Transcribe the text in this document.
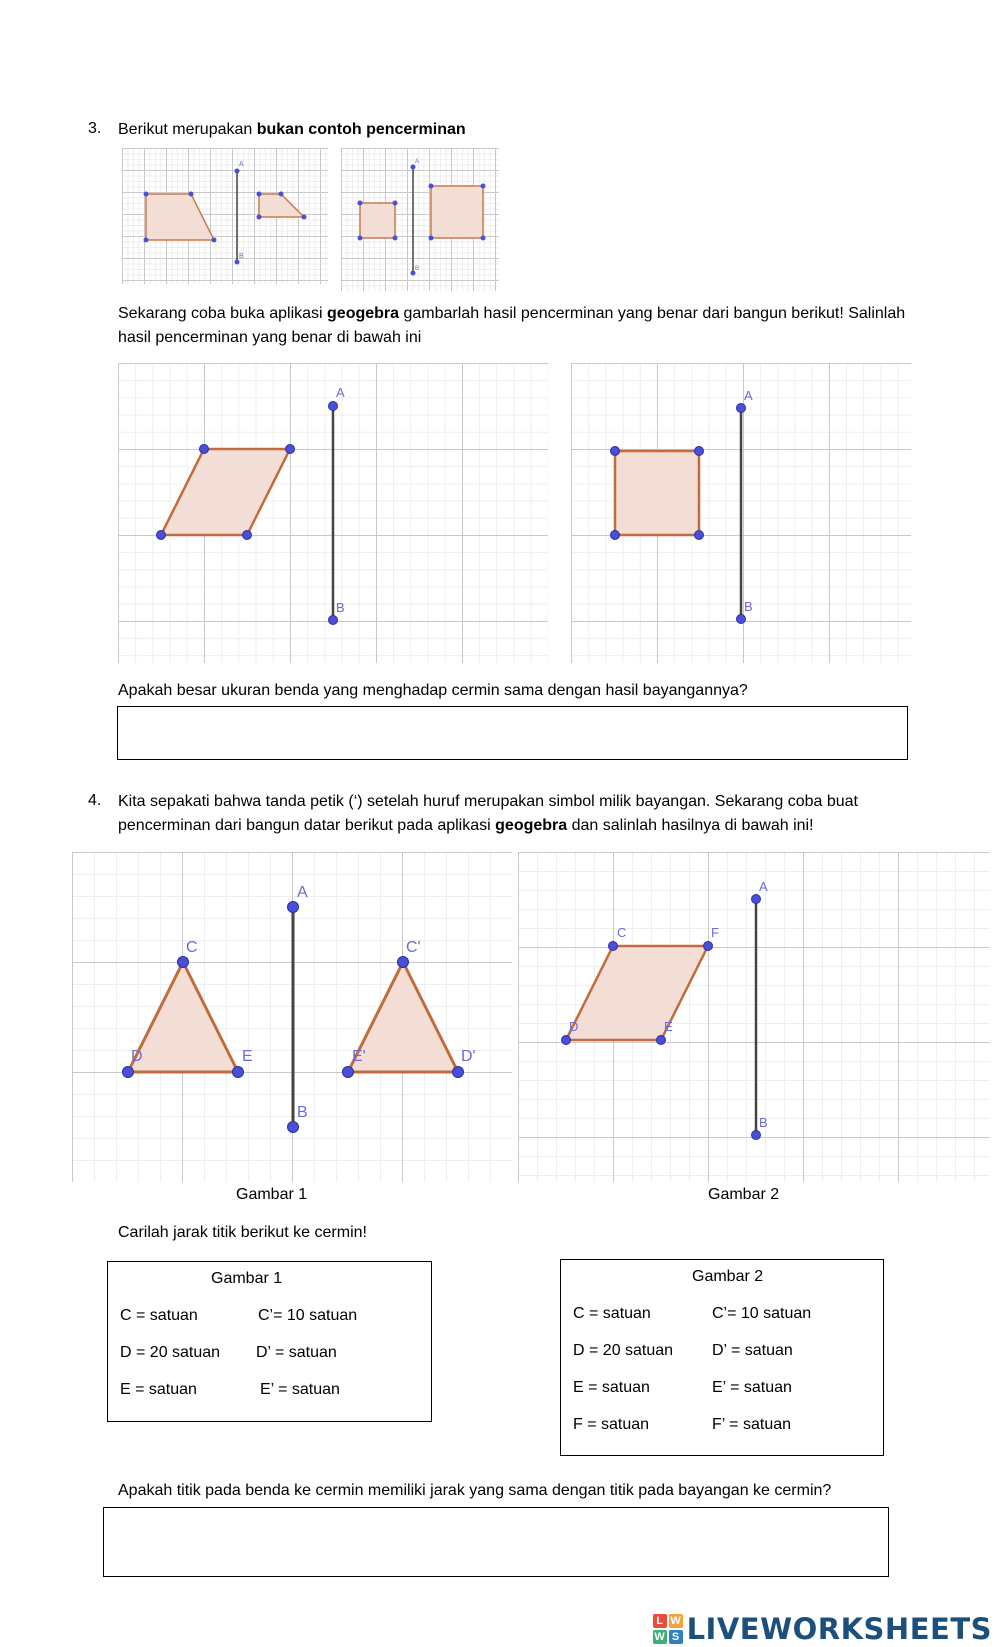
3. Berikut merupakan bukan contoh pencerminan
A
B
A
B
Sekarang coba buka aplikasi geogebra gambarlah hasil pencerminan yang benar dari bangun berikut! Salinlah
hasil pencerminan yang benar di bawah ini
A
B
A
B
Apakah besar ukuran benda yang menghadap cermin sama dengan hasil bayangannya?
4. Kita sepakati bahwa tanda petik (‘) setelah huruf merupakan simbol milik bayangan. Sekarang coba buat
pencerminan dari bangun datar berikut pada aplikasi geogebra dan salinlah hasilnya di bawah ini!
A
B
C
D	E
C'
D'
E'
A
B
C	F
D	E
Gambar 1	Gambar 2
Carilah jarak titik berikut ke cermin!
Gambar 1
C = satuan	C’= 10 satuan
D = 20 satuan D’ = satuan
E = satuan	E’ = satuan
Gambar 2
C = satuan	C’= 10 satuan
D = 20 satuan D’ = satuan
E = satuan	E’ = satuan
F = satuan	F’ = satuan
Apakah titik pada benda ke cermin memiliki jarak yang sama dengan titik pada bayangan ke cermin?
L W
W S LIVEWORKSHEETS
